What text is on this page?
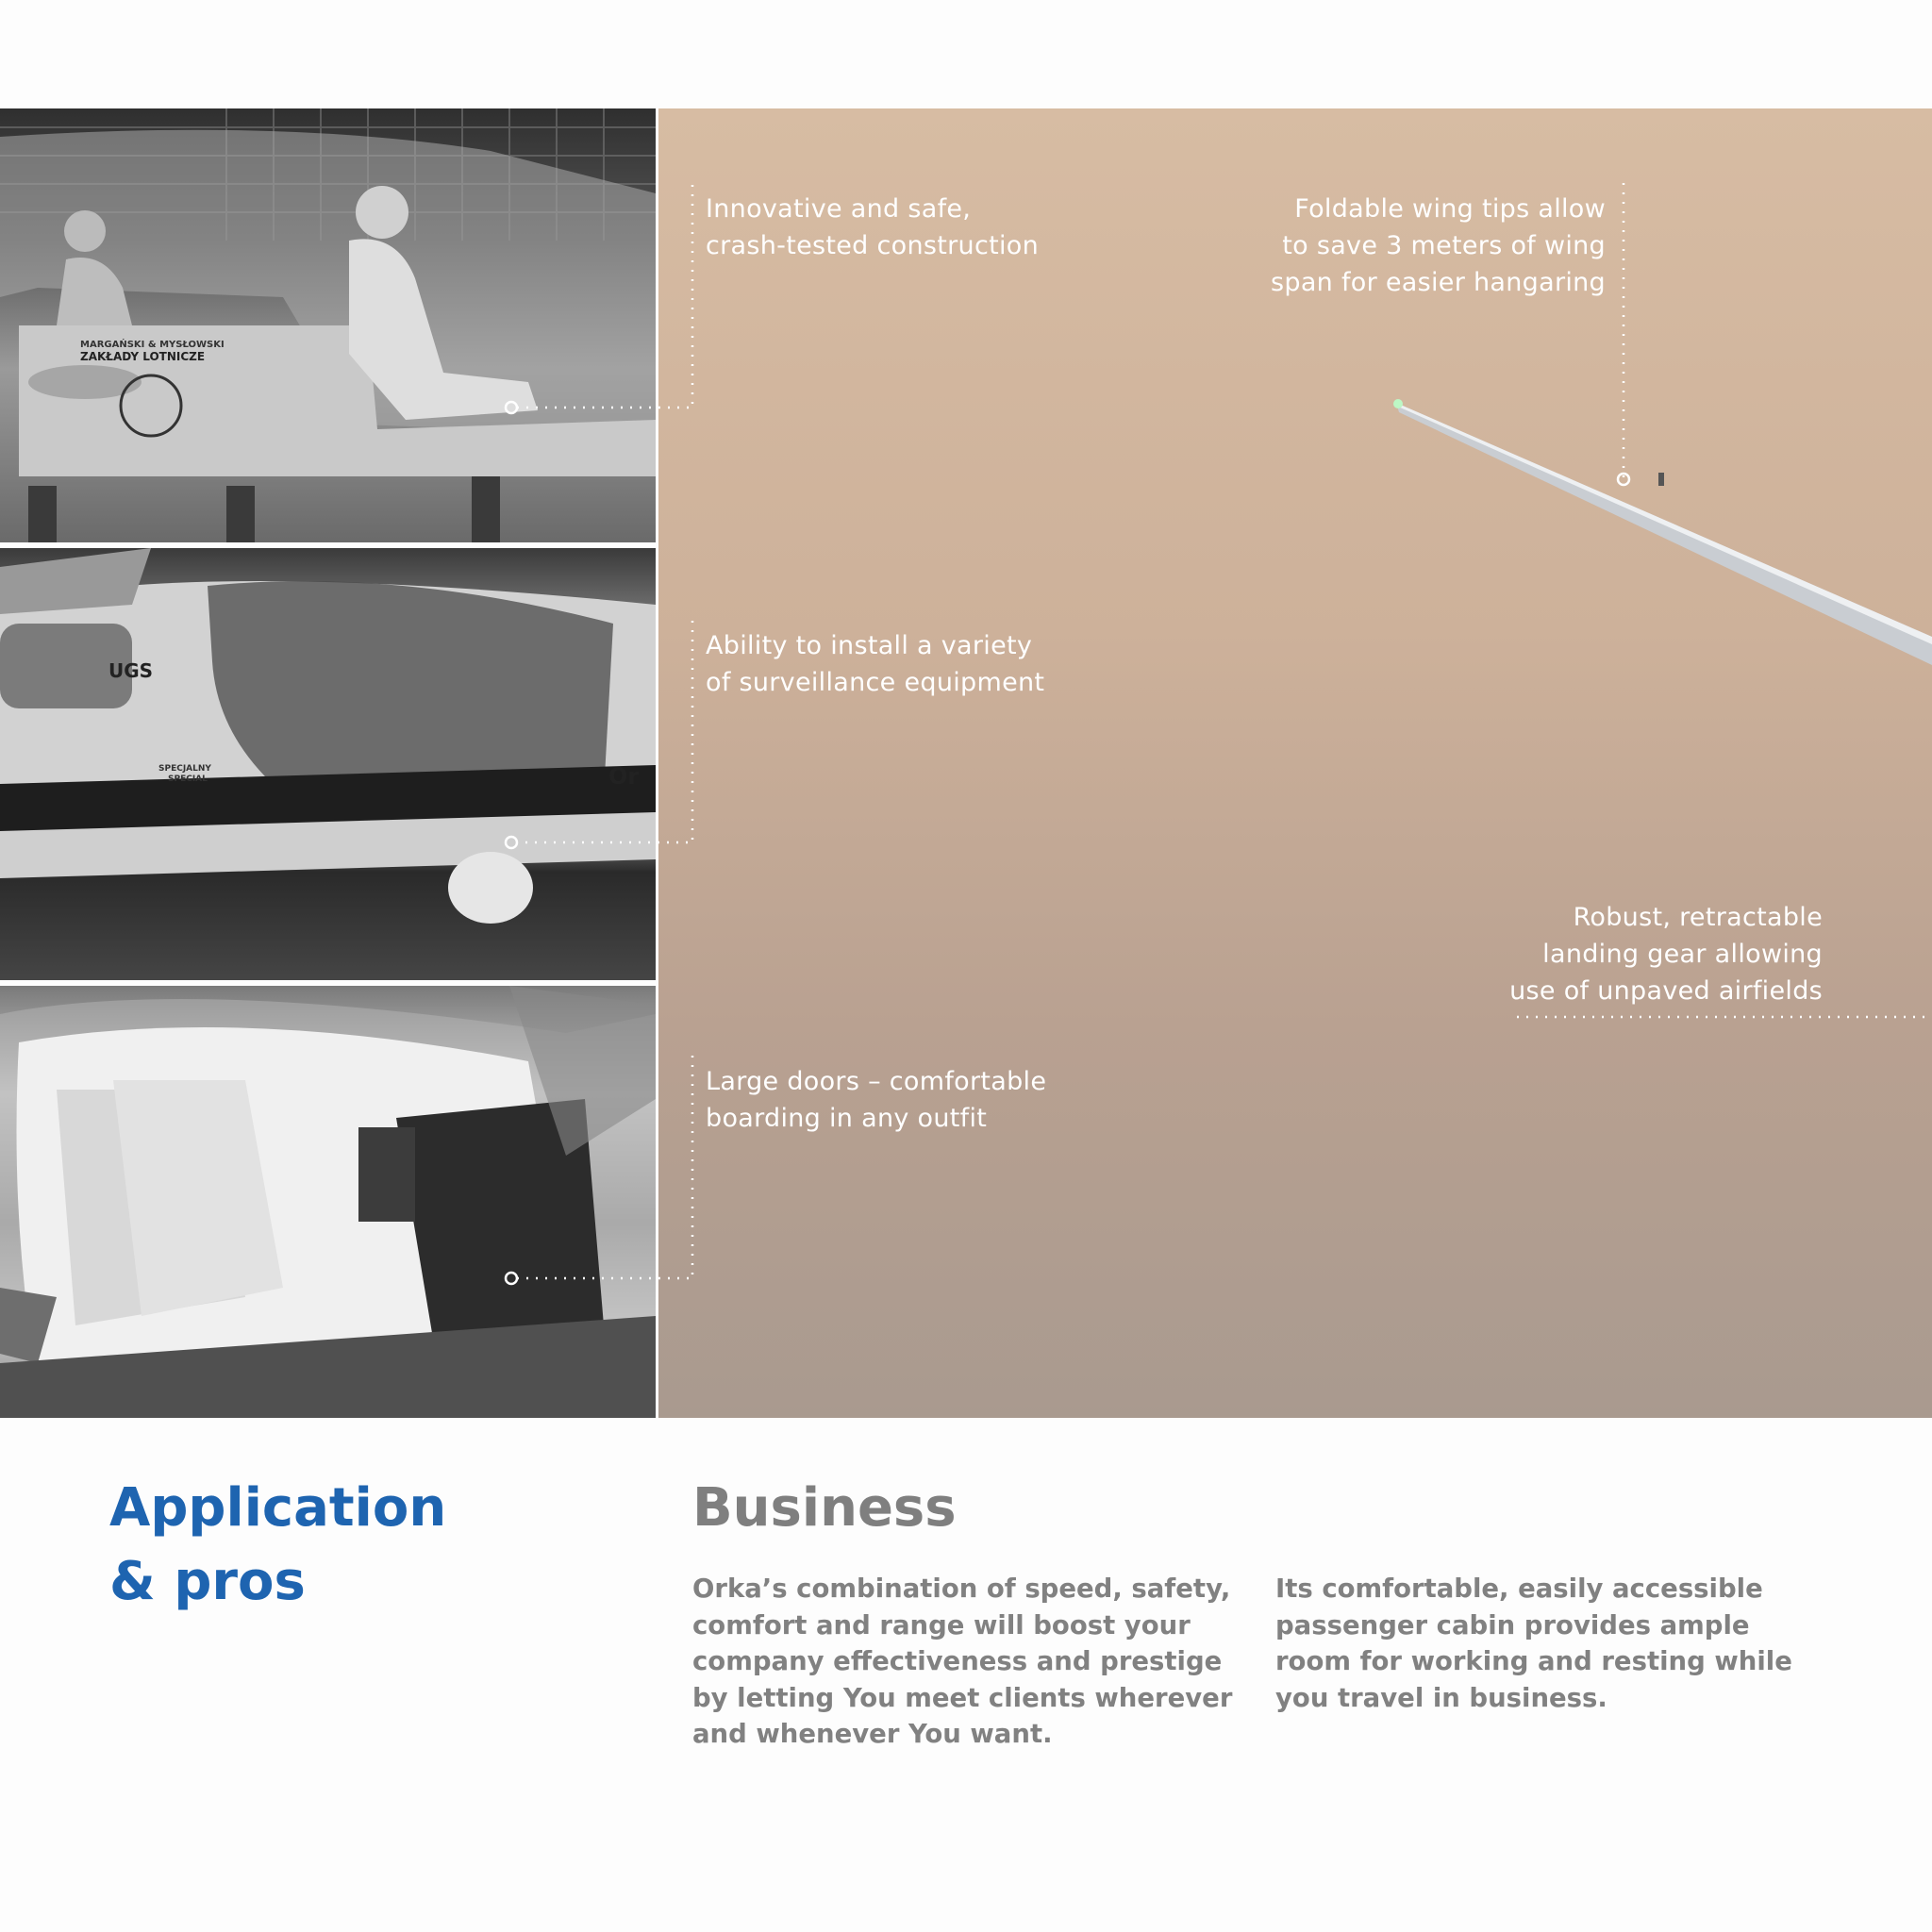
MARGAŃSKI & MYSŁOWSKI
ZAKŁADY LOTNICZE
UGS
SPECJALNY
SPECIAL	Or

Innovative and safe,
crash-tested construction

Ability to install a variety
of surveillance equipment

Large doors – comfortable
boarding in any outfit

Foldable wing tips allow
to save 3 meters of wing
span for easier hangaring

Robust, retractable
landing gear allowing
use of unpaved airfields

Application
& pros
Business

Orka’s combination of speed, safety,
comfort and range will boost your
company effectiveness and prestige
by letting You meet clients wherever
and whenever You want.

Its comfortable, easily accessible
passenger cabin provides ample
room for working and resting while
you travel in business.
